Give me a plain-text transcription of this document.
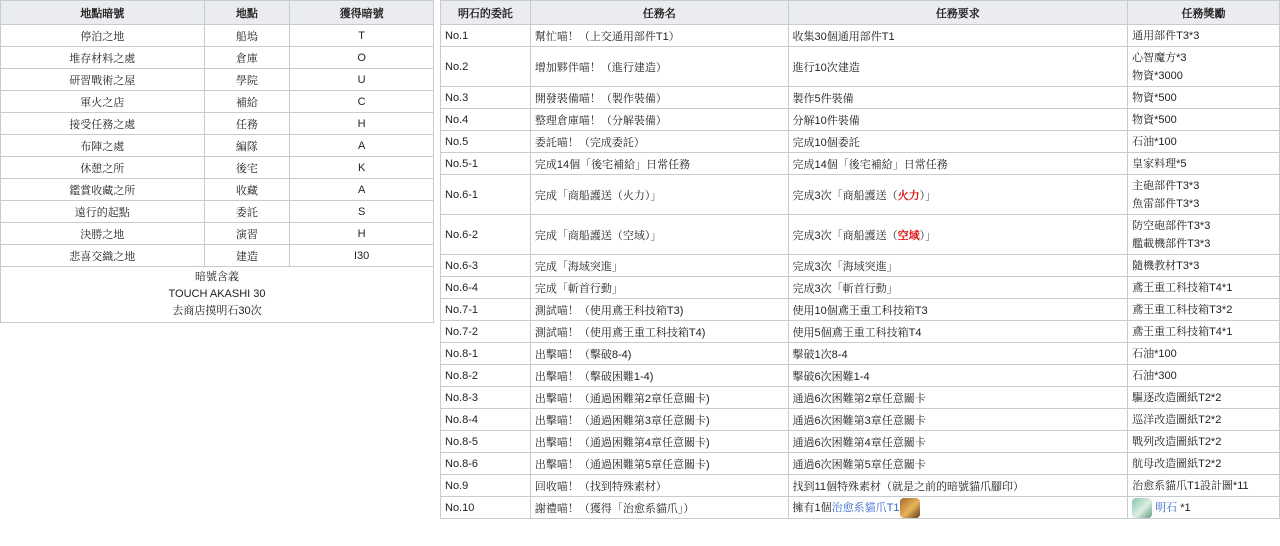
地點暗號	地點	獲得暗號
停泊之地	船塢	T
堆存材料之處	倉庫	O
研習戰術之屋	學院	U
軍火之店	補給	C
接受任務之處	任務	H
布陣之處	編隊	A
休憩之所	後宅	K
鑑賞收藏之所	收藏	A
遠行的起點	委託	S
決勝之地	演習	H
悲喜交織之地	建造	I30
暗號含義
TOUCH AKASHI 30
去商店摸明石30次		
明石的委託	任務名	任務要求	任務獎勵
No.1	幫忙喵！（上交通用部件T1）	收集30個通用部件T1	通用部件T3*3
No.2	增加夥伴喵！（進行建造）	進行10次建造	心智魔方*3
物資*3000
No.3	開發裝備喵！（製作裝備）	製作5件裝備	物資*500
No.4	整理倉庫喵！（分解裝備）	分解10件裝備	物資*500
No.5	委託喵！（完成委託）	完成10個委託	石油*100
No.5-1	完成14個「後宅補給」日常任務	完成14個「後宅補給」日常任務	皇家料理*5
No.6-1	完成「商船護送（火力）」	完成3次「商船護送（火力）」	主砲部件T3*3
魚雷部件T3*3
No.6-2	完成「商船護送（空域）」	完成3次「商船護送（空域）」	防空砲部件T3*3
艦載機部件T3*3
No.6-3	完成「海域突進」	完成3次「海域突進」	隨機教材T3*3
No.6-4	完成「斬首行動」	完成3次「斬首行動」	鳶王重工科技箱T4*1
No.7-1	測試喵！（使用鳶王科技箱T3)	使用10個鳶王重工科技箱T3	鳶王重工科技箱T3*2
No.7-2	測試喵！（使用鳶王重工科技箱T4)	使用5個鳶王重工科技箱T4	鳶王重工科技箱T4*1
No.8-1	出擊喵！（擊破8-4)	擊破1次8-4	石油*100
No.8-2	出擊喵！（擊破困難1-4)	擊破6次困難1-4	石油*300
No.8-3	出擊喵！（通過困難第2章任意關卡)	通過6次困難第2章任意關卡	驅逐改造圖紙T2*2
No.8-4	出擊喵！（通過困難第3章任意關卡)	通過6次困難第3章任意關卡	巡洋改造圖紙T2*2
No.8-5	出擊喵！（通過困難第4章任意關卡)	通過6次困難第4章任意關卡	戰列改造圖紙T2*2
No.8-6	出擊喵！（通過困難第5章任意關卡)	通過6次困難第5章任意關卡	航母改造圖紙T2*2
No.9	回收喵！（找到特殊素材）	找到11個特殊素材（就是之前的暗號貓爪腳印）	治愈系貓爪T1設計圖*11
No.10	謝禮喵！（獲得「治愈系貓爪」）	擁有1個治愈系貓爪T1	明石 *1
